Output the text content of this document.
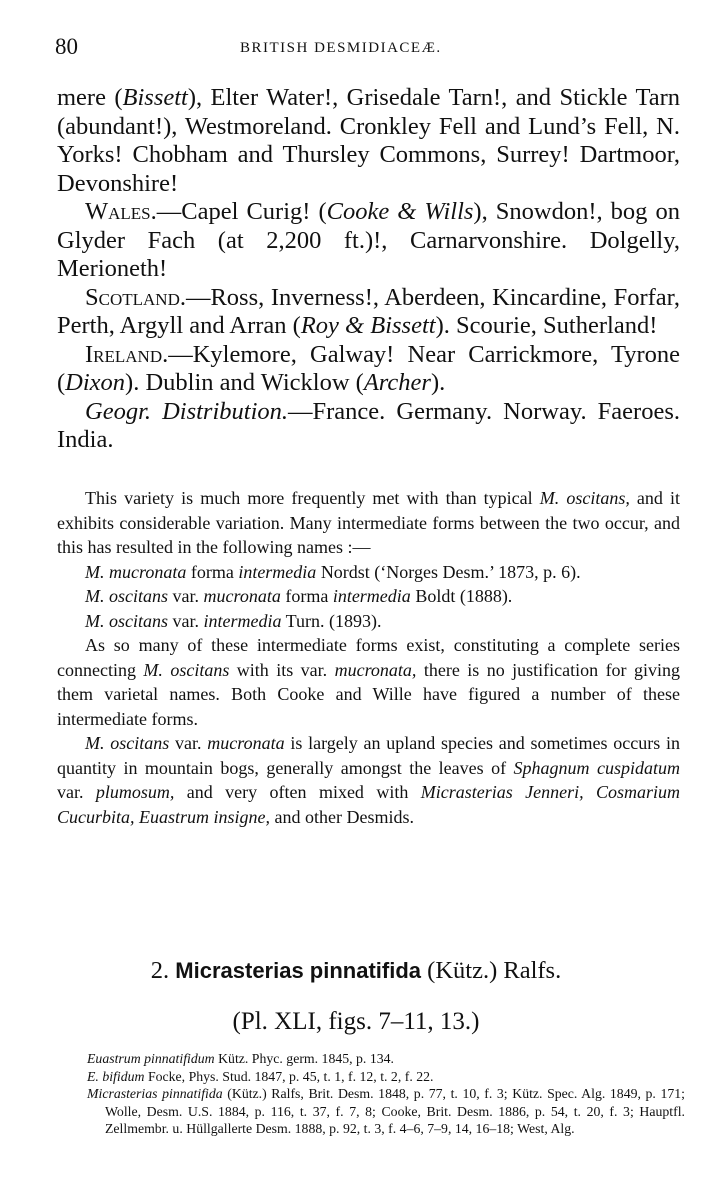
80	BRITISH DESMIDIACEÆ.

mere (Bissett), Elter Water!, Grisedale Tarn!, and Stickle Tarn (abundant!), Westmoreland. Cronkley Fell and Lund’s Fell, N. Yorks! Chobham and Thursley Commons, Surrey! Dartmoor, Devonshire!

Wales.—Capel Curig! (Cooke & Wills), Snowdon!, bog on Glyder Fach (at 2,200 ft.)!, Carnarvonshire. Dolgelly, Merioneth!

Scotland.—Ross, Inverness!, Aberdeen, Kincardine, Forfar, Perth, Argyll and Arran (Roy & Bissett). Scourie, Sutherland!

Ireland.—Kylemore, Galway! Near Carrickmore, Tyrone (Dixon). Dublin and Wicklow (Archer).

Geogr. Distribution.—France. Germany. Norway. Faeroes. India.

This variety is much more frequently met with than typical M. oscitans, and it exhibits considerable variation. Many intermediate forms between the two occur, and this has resulted in the following names :—

M. mucronata forma intermedia Nordst (‘Norges Desm.’ 1873, p. 6).

M. oscitans var. mucronata forma intermedia Boldt (1888).

M. oscitans var. intermedia Turn. (1893).

As so many of these intermediate forms exist, constituting a complete series connecting M. oscitans with its var. mucronata, there is no justification for giving them varietal names. Both Cooke and Wille have figured a number of these intermediate forms.

M. oscitans var. mucronata is largely an upland species and sometimes occurs in quantity in mountain bogs, generally amongst the leaves of Sphagnum cuspidatum var. plumosum, and very often mixed with Micrasterias Jenneri, Cosmarium Cucurbita, Euastrum insigne, and other Desmids.

2. Micrasterias pinnatifida (Kütz.) Ralfs.
(Pl. XLI, figs. 7–11, 13.)

Euastrum pinnatifidum Kütz. Phyc. germ. 1845, p. 134.

E. bifidum Focke, Phys. Stud. 1847, p. 45, t. 1, f. 12, t. 2, f. 22.

Micrasterias pinnatifida (Kütz.) Ralfs, Brit. Desm. 1848, p. 77, t. 10, f. 3; Kütz. Spec. Alg. 1849, p. 171; Wolle, Desm. U.S. 1884, p. 116, t. 37, f. 7, 8; Cooke, Brit. Desm. 1886, p. 54, t. 20, f. 3; Hauptfl. Zellmembr. u. Hüllgallerte Desm. 1888, p. 92, t. 3, f. 4–6, 7–9, 14, 16–18; West, Alg.
